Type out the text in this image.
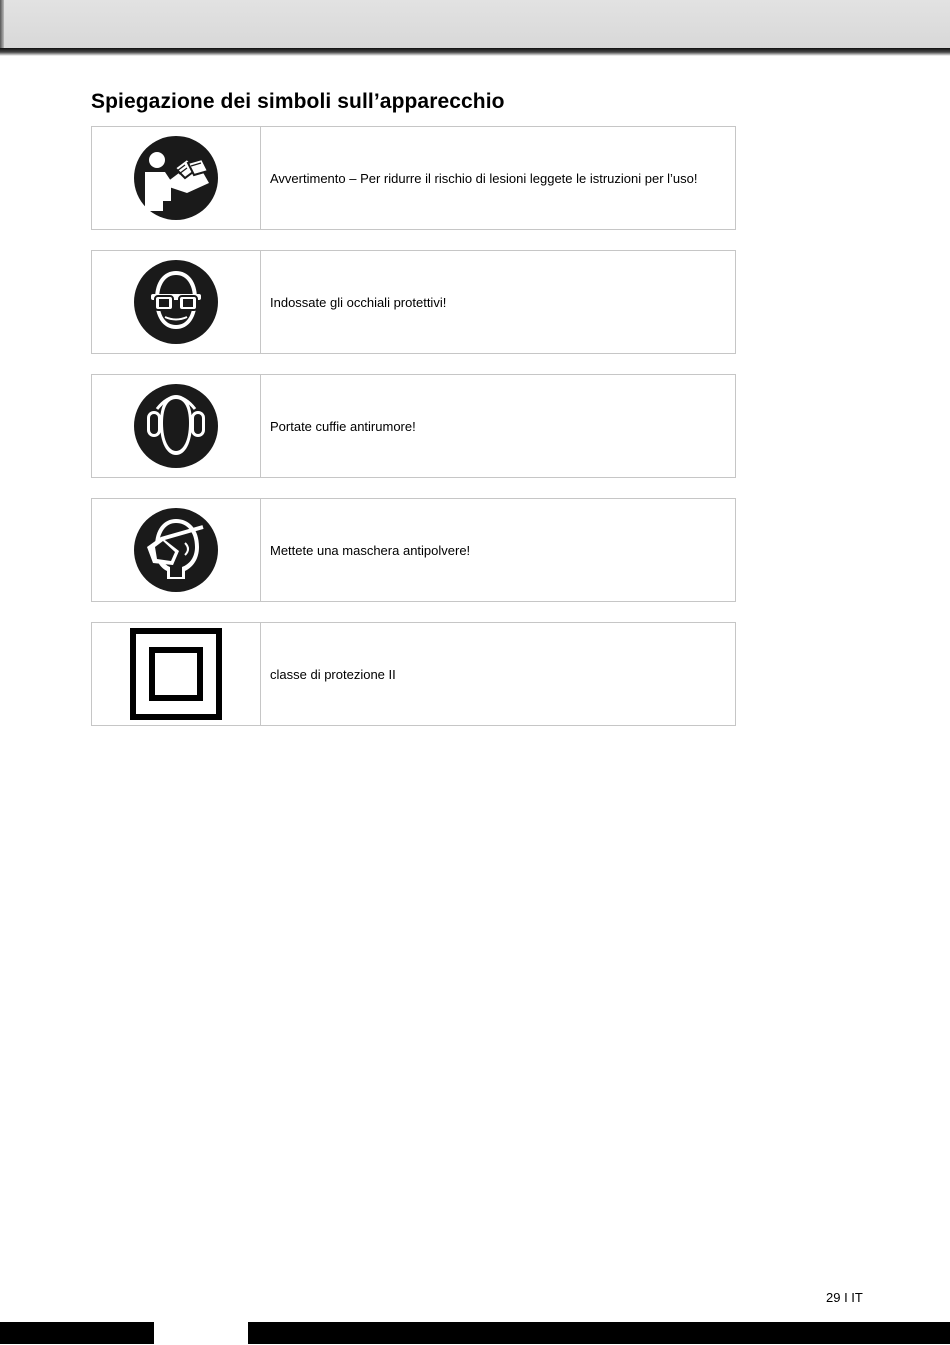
Spiegazione dei simboli sull’apparecchio
Avvertimento – Per ridurre il rischio di lesioni leggete le istruzioni per l’uso!
Indossate gli occhiali protettivi!
Portate cuffie antirumore!
Mettete una maschera antipolvere!
classe di protezione II
29 I IT
